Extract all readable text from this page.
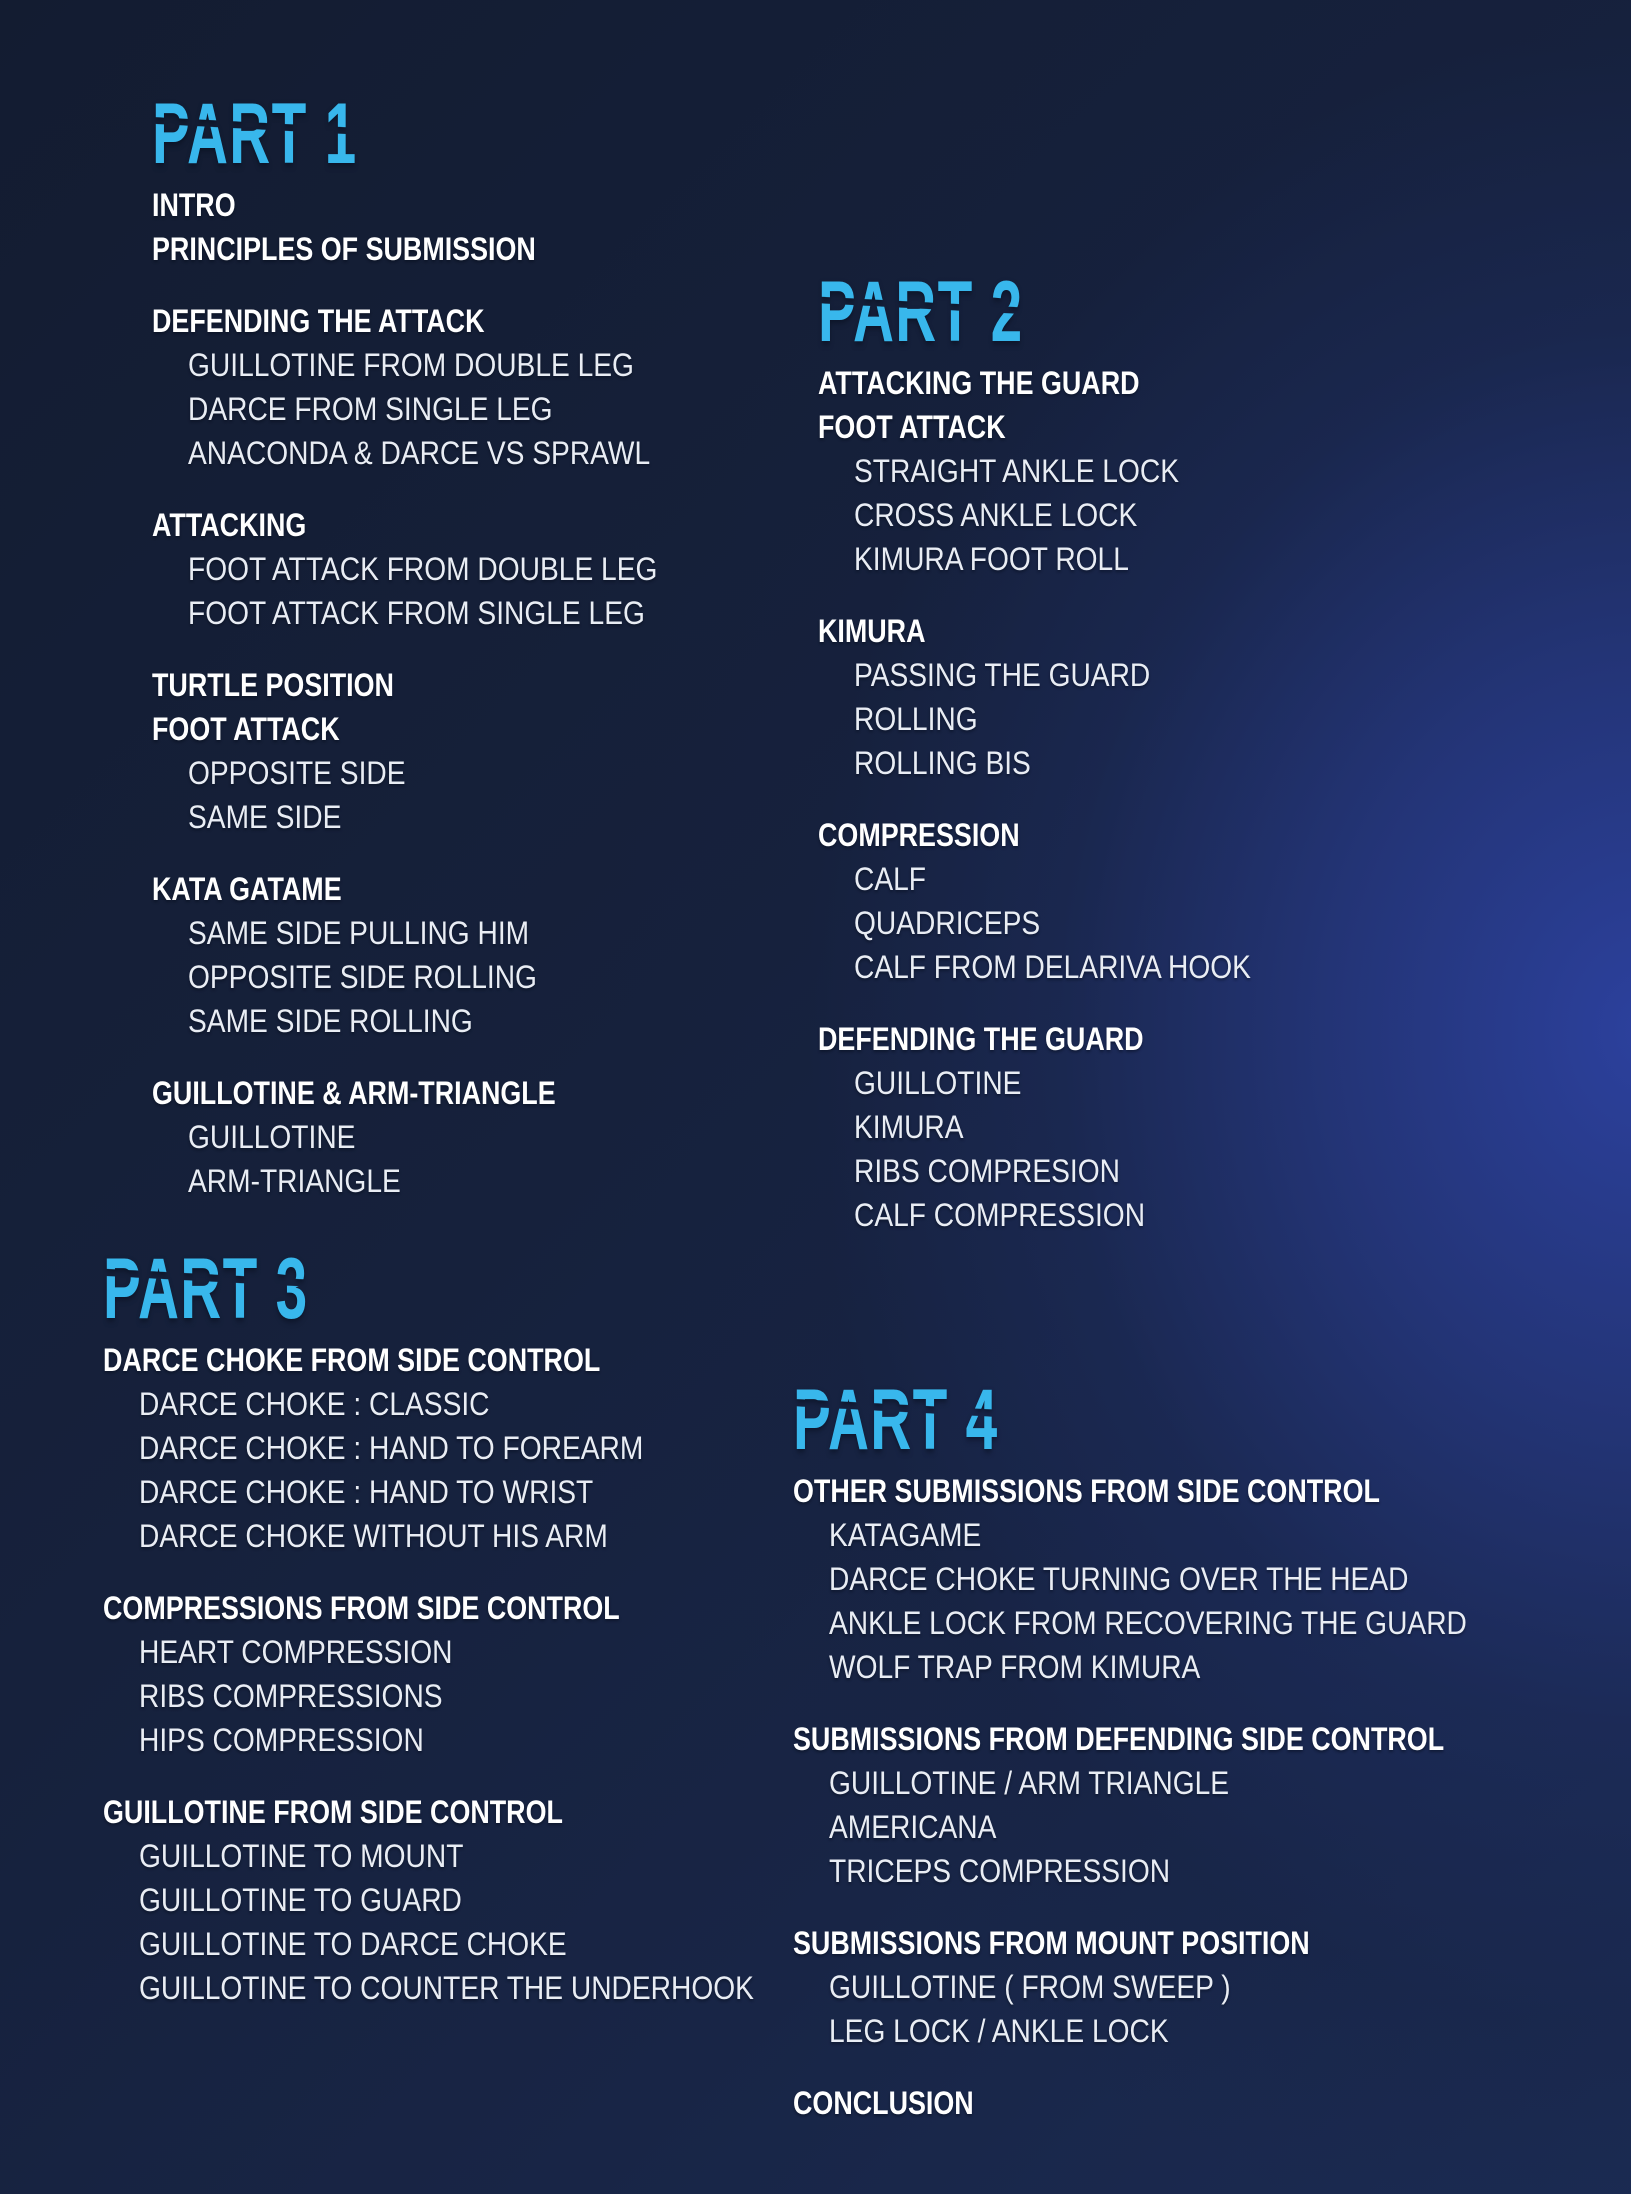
PART 1
INTRO
PRINCIPLES OF SUBMISSION
DEFENDING THE ATTACK
GUILLOTINE FROM DOUBLE LEG
DARCE FROM SINGLE LEG
ANACONDA & DARCE VS SPRAWL
ATTACKING
FOOT ATTACK FROM DOUBLE LEG
FOOT ATTACK FROM SINGLE LEG
TURTLE POSITION
FOOT ATTACK
OPPOSITE SIDE
SAME SIDE
KATA GATAME
SAME SIDE PULLING HIM
OPPOSITE SIDE ROLLING
SAME SIDE ROLLING
GUILLOTINE & ARM-TRIANGLE
GUILLOTINE
ARM-TRIANGLE
PART 2
ATTACKING THE GUARD
FOOT ATTACK
STRAIGHT ANKLE LOCK
CROSS ANKLE LOCK
KIMURA FOOT ROLL
KIMURA
PASSING THE GUARD
ROLLING
ROLLING BIS
COMPRESSION
CALF
QUADRICEPS
CALF FROM DELARIVA HOOK
DEFENDING THE GUARD
GUILLOTINE
KIMURA
RIBS COMPRESION
CALF COMPRESSION
PART 3
DARCE CHOKE FROM SIDE CONTROL
DARCE CHOKE : CLASSIC
DARCE CHOKE : HAND TO FOREARM
DARCE CHOKE : HAND TO WRIST
DARCE CHOKE WITHOUT HIS ARM
COMPRESSIONS FROM SIDE CONTROL
HEART COMPRESSION
RIBS COMPRESSIONS
HIPS COMPRESSION
GUILLOTINE FROM SIDE CONTROL
GUILLOTINE TO MOUNT
GUILLOTINE TO GUARD
GUILLOTINE TO DARCE CHOKE
GUILLOTINE TO COUNTER THE UNDERHOOK
PART 4
OTHER SUBMISSIONS FROM SIDE CONTROL
KATAGAME
DARCE CHOKE TURNING OVER THE HEAD
ANKLE LOCK FROM RECOVERING THE GUARD
WOLF TRAP FROM KIMURA
SUBMISSIONS FROM DEFENDING SIDE CONTROL
GUILLOTINE / ARM TRIANGLE
AMERICANA
TRICEPS COMPRESSION
SUBMISSIONS FROM MOUNT POSITION
GUILLOTINE ( FROM SWEEP )
LEG LOCK / ANKLE LOCK
CONCLUSION
